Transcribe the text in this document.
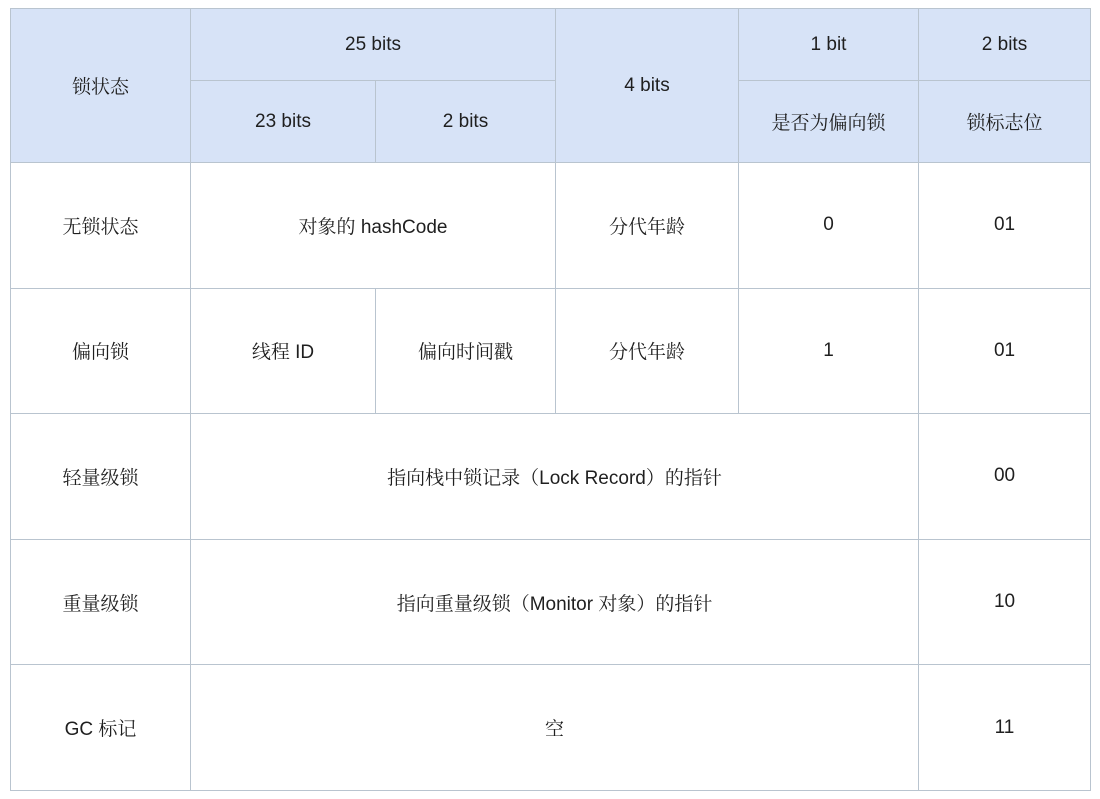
锁状态	25 bits		4 bits	1 bit	2 bits
	23 bits	2 bits		是否为偏向锁	锁标志位
无锁状态	对象的 hashCode		分代年龄	0	01
偏向锁	线程 ID	偏向时间戳	分代年龄	1	01
轻量级锁	指向栈中锁记录（Lock Record）的指针				00
重量级锁	指向重量级锁（Monitor 对象）的指针				10
GC 标记	空				11
